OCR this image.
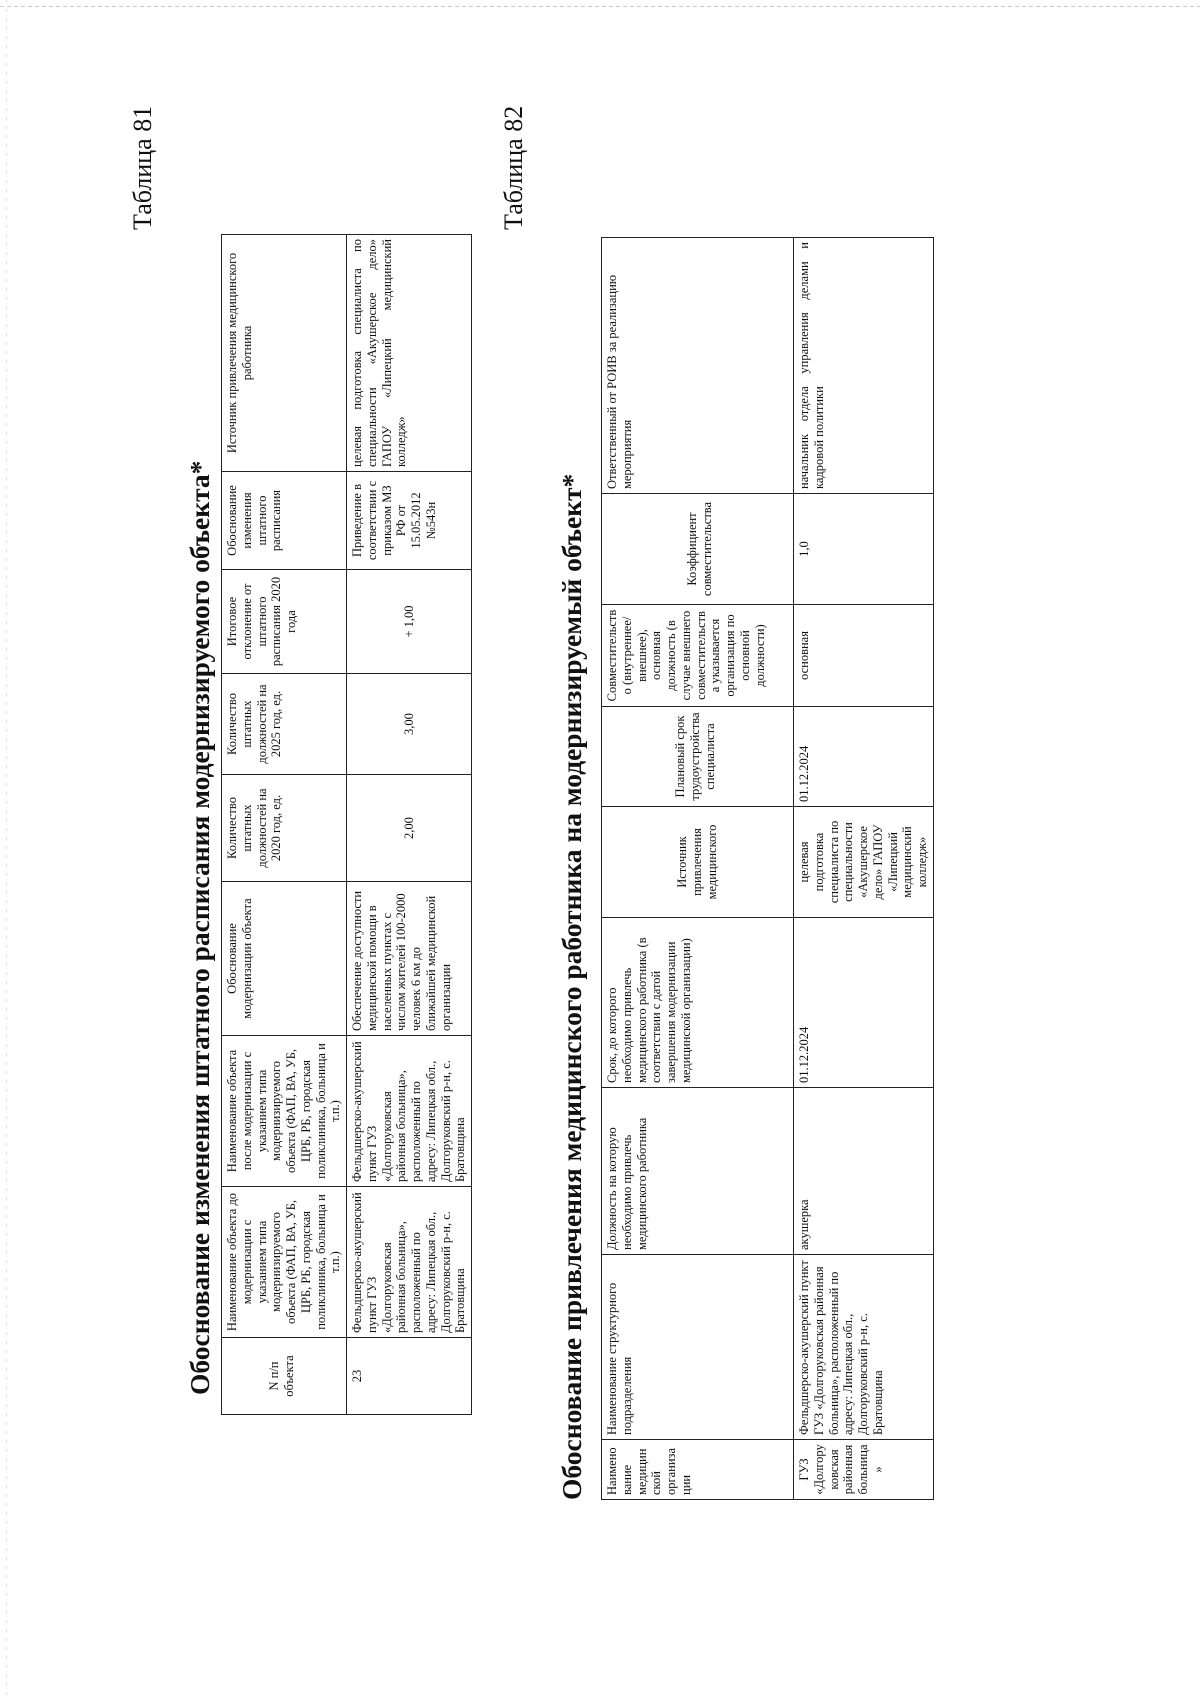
Таблица 81
Обоснование изменения штатного расписания модернизируемого объекта*	N п/п объекта	Наименование объекта до модернизации с указанием типа модернизируемого объекта (ФАП, ВА, УБ, ЦРБ, РБ, городская поликлиника, больница и т.п.)	Наименование объекта после модернизации с указанием типа модернизируемого объекта (ФАП, ВА, УБ, ЦРБ, РБ, городская поликлиника, больница и т.п.)	Обоснование модернизации объекта	Количество штатных должностей на 2020 год, ед.	Количество штатных должностей на 2025 год, ед.	Итоговое отклонение от штатного расписания 2020 года	Обоснование изменения штатного расписания	Источник привлечения медицинского работника
23	Фельдшерско-акушерский пункт ГУЗ «Долгоруковская районная больница», расположенный по адресу: Липецкая обл., Долгоруковский р-н, с. Братовщина	Фельдшерско-акушерский пункт ГУЗ «Долгоруковская районная больница», расположенный по адресу: Липецкая обл., Долгоруковский р-н, с. Братовщина	Обеспечение доступности медицинской помощи в населенных пунктах с числом жителей 100-2000 человек 6 км до ближайшей медицинской организации	2,00	3,00	+ 1,00	Приведение в соответствии с приказом МЗ РФ от 15.05.2012 №543н	целевая подготовка специалиста по специальности «Акушерское дело» ГАПОУ «Липецкий медицинский колледж»
Таблица 82
Обоснование привлечения медицинского работника на модернизируемый объект* Наименование медицинской организации	Наименование структурного подразделения	Должность на которую необходимо привлечь медицинского работника	Срок, до которого необходимо привлечь медицинского работника (в соответствии с датой завершения модернизации медицинской организации)	Источник привлечения медицинского	Плановый срок трудоустройства специалиста	Совместительство (внутреннее/внешнее), основная должность (в случае внешнего совместительства указывается организация по основной должности)	Коэффициент совместительства	Ответственный от РОИВ за реализацию мероприятия
ГУЗ «Долгоруковская районная больница»	Фельдшерско-акушерский пункт ГУЗ «Долгоруковская районная больница», расположенный по адресу: Липецкая обл., Долгоруковский р-н, с. Братовщина	акушерка	01.12.2024	целевая подготовка специалиста по специальности «Акушерское дело» ГАПОУ «Липецкий медицинский колледж»	01.12.2024	основная	1,0	начальник отдела управления делами и кадровой политики
